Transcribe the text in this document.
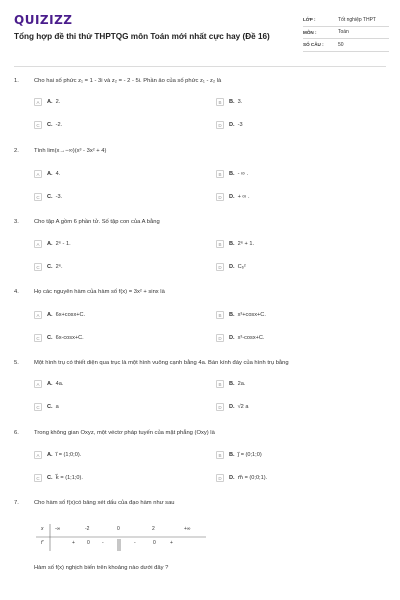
QUIZIZZ
Tổng hợp đề thi thử THPTQG môn Toán mới nhất cực hay (Đề 16)
LỚP :	Tốt nghiệp THPT
MÔN :	Toán
SỐ CÂU :	50
1.	Cho hai số phức z₁ = 1 - 3i và z₂ = - 2 - 5i. Phần ảo của số phức z₁ - z₂ là
A	A. 2.	B	B. 3.
C	C. -2.	D	D. -3
2.	Tính lim(x→−∞)(x³ - 3x² + 4)
A	A. 4.	B	B. - ∞ .
C	C. -3.	D	D. + ∞ .
3.	Cho tập A gồm 6 phần tử. Số tập con của A bằng
A	A. 2⁶ - 1.	B	B. 2⁶ + 1.
C	C. 2⁶.	D	D. C₆²
4.	Họ các nguyên hàm của hàm số f(x) = 3x² + sinx là
A	A. 6x+cosx+C.	B	B. x³+cosx+C.
C	C. 6x-cosx+C.	D	D. x³-cosx+C.
5.	Một hình trụ có thiết diện qua trục là một hình vuông cạnh bằng 4a. Bán kính đáy của hình trụ bằng
A	A. 4a.	B	B. 2a.
C	C. a	D	D. √2 a
6.	Trong không gian Oxyz, một véctơ pháp tuyến của mặt phẳng (Oxy) là
A	A. i⃗ = (1;0;0).	B	B. j⃗ = (0;1;0)
C	C. k⃗ = (1;1;0).	D	D. m⃗ = (0;0;1).
7.	Cho hàm số f(x)có bảng xét dấu của đạo hàm như sau
x -∞	-2	0	2	+∞
f'	+ 0 -	-	0	+
Hàm số f(x) nghịch biến trên khoảng nào dưới đây ?
